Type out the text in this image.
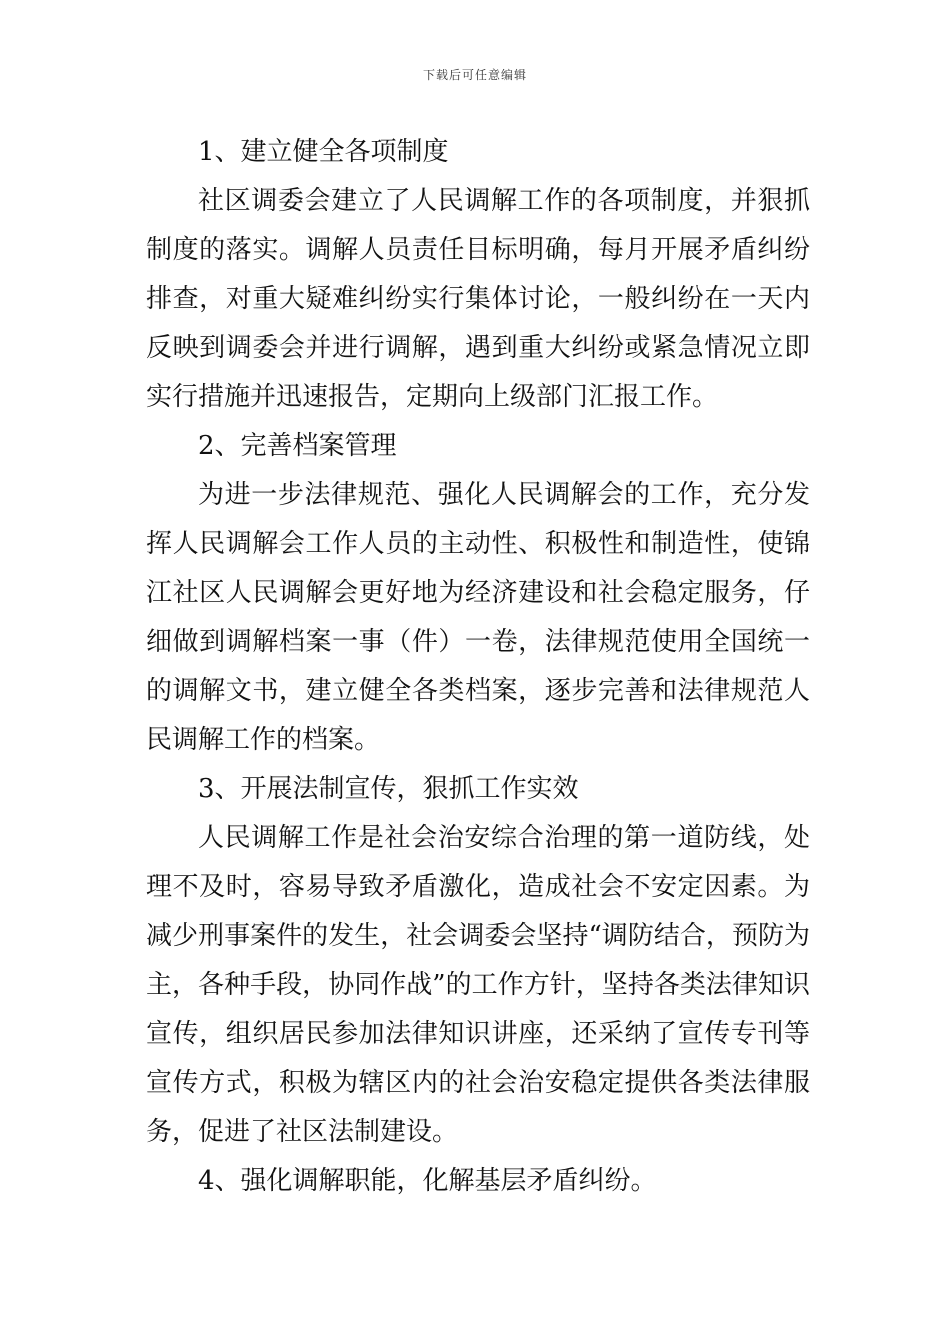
下载后可任意编辑

1、建立健全各项制度

社区调委会建立了人民调解工作的各项制度，并狠抓制度的落实。调解人员责任目标明确，每月开展矛盾纠纷排查，对重大疑难纠纷实行集体讨论，一般纠纷在一天内反映到调委会并进行调解，遇到重大纠纷或紧急情况立即实行措施并迅速报告，定期向上级部门汇报工作。

2、完善档案管理

为进一步法律规范、强化人民调解会的工作，充分发挥人民调解会工作人员的主动性、积极性和制造性，使锦江社区人民调解会更好地为经济建设和社会稳定服务，仔细做到调解档案一事（件）一卷，法律规范使用全国统一的调解文书，建立健全各类档案，逐步完善和法律规范人民调解工作的档案。

3、开展法制宣传，狠抓工作实效

人民调解工作是社会治安综合治理的第一道防线，处理不及时，容易导致矛盾激化，造成社会不安定因素。为减少刑事案件的发生，社会调委会坚持“调防结合，预防为主，各种手段，协同作战”的工作方针，坚持各类法律知识宣传，组织居民参加法律知识讲座，还采纳了宣传专刊等宣传方式，积极为辖区内的社会治安稳定提供各类法律服务，促进了社区法制建设。

4、强化调解职能，化解基层矛盾纠纷。
